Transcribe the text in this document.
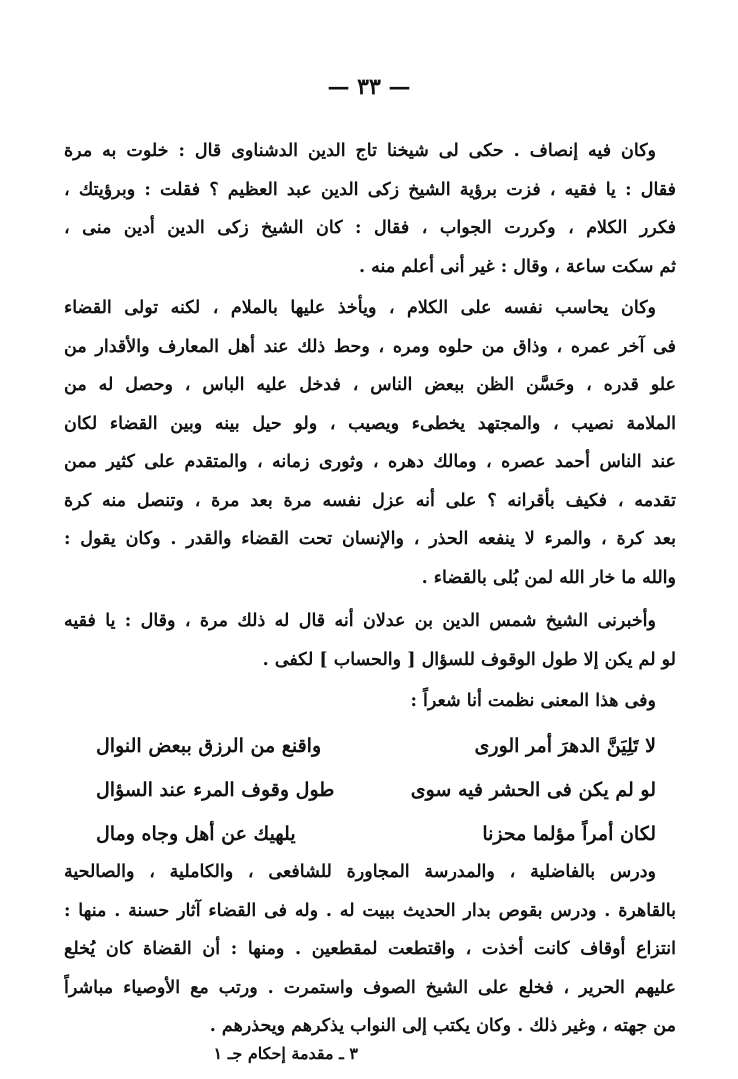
— ٣٣ —
وكان فيه إنصاف . حكى لى شيخنا تاج الدين الدشناوى قال : خلوت به مرة
فقال : يا فقيه ، فزت برؤية الشيخ زكى الدين عبد العظيم ؟ فقلت : وبرؤيتك ،
فكرر الكلام ، وكررت الجواب ، فقال : كان الشيخ زكى الدين أدين منى ،
ثم سكت ساعة ، وقال : غير أنى أعلم منه .
وكان يحاسب نفسه على الكلام ، ويأخذ عليها بالملام ، لكنه تولى القضاء
فى آخر عمره ، وذاق من حلوه ومره ، وحط ذلك عند أهل المعارف والأقدار من
علو قدره ، وحَسَّن الظن ببعض الناس ، فدخل عليه الباس ، وحصل له من
الملامة نصيب ، والمجتهد يخطىء ويصيب ، ولو حيل بينه وبين القضاء لكان
عند الناس أحمد عصره ، ومالك دهره ، وثورى زمانه ، والمتقدم على كثير ممن
تقدمه ، فكيف بأقرانه ؟ على أنه عزل نفسه مرة بعد مرة ، وتنصل منه كرة
بعد كرة ، والمرء لا ينفعه الحذر ، والإنسان تحت القضاء والقدر . وكان يقول :
والله ما خار الله لمن بُلى بالقضاء .
وأخبرنى الشيخ شمس الدين بن عدلان أنه قال له ذلك مرة ، وقال : يا فقيه
لو لم يكن إلا طول الوقوف للسؤال [ والحساب ] لكفى .
وفى هذا المعنى نظمت أنا شعراً :
لا تَلِيَنَّ الدهرَ أمر الورى
واقنع من الرزق ببعض النوال
لو لم يكن فى الحشر فيه سوى
طول وقوف المرء عند السؤال
لكان أمراً مؤلما محزنا
يلهيك عن أهل وجاه ومال
ودرس بالفاضلية ، والمدرسة المجاورة للشافعى ، والكاملية ، والصالحية
بالقاهرة . ودرس بقوص بدار الحديث ببيت له . وله فى القضاء آثار حسنة . منها :
انتزاع أوقاف كانت أخذت ، واقتطعت لمقطعين . ومنها : أن القضاة كان يُخلع
عليهم الحرير ، فخلع على الشيخ الصوف واستمرت . ورتب مع الأوصياء مباشراً
من جهته ، وغير ذلك . وكان يكتب إلى النواب يذكرهم ويحذرهم .
٣ ـ مقدمة إحكام جـ ١
